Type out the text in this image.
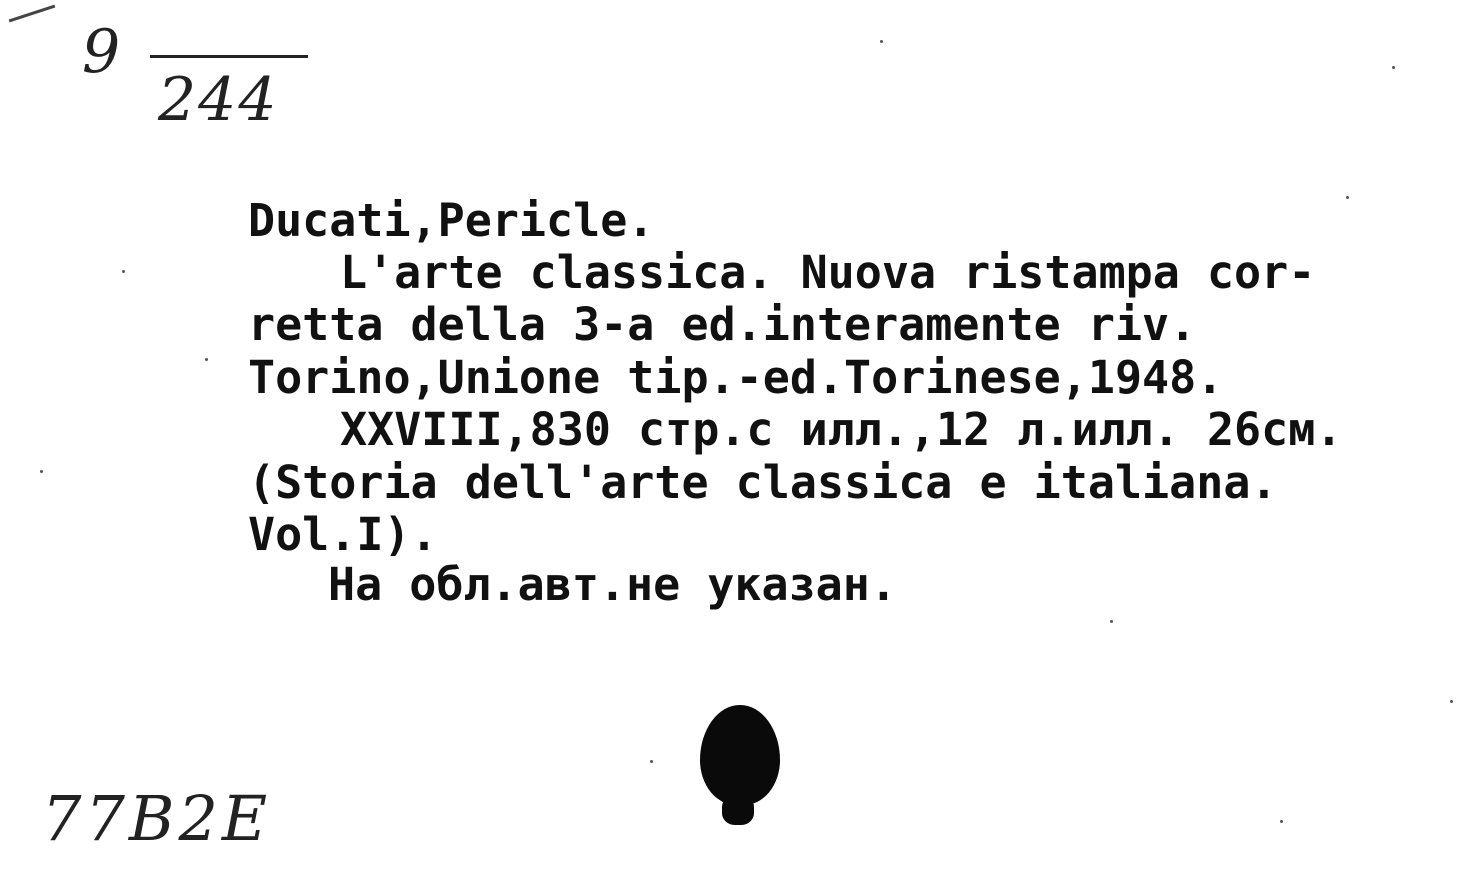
9
244
Ducati,Pericle.
L'arte classica. Nuova ristampa cor-
retta della 3-a ed.interamente riv.
Torino,Unione tip.-ed.Torinese,1948.
XXVIII,830 стр.с илл.,12 л.илл. 26см.
(Storia dell'arte classica e italiana.
Vol.I).
На обл.авт.не указан.
77B2E
